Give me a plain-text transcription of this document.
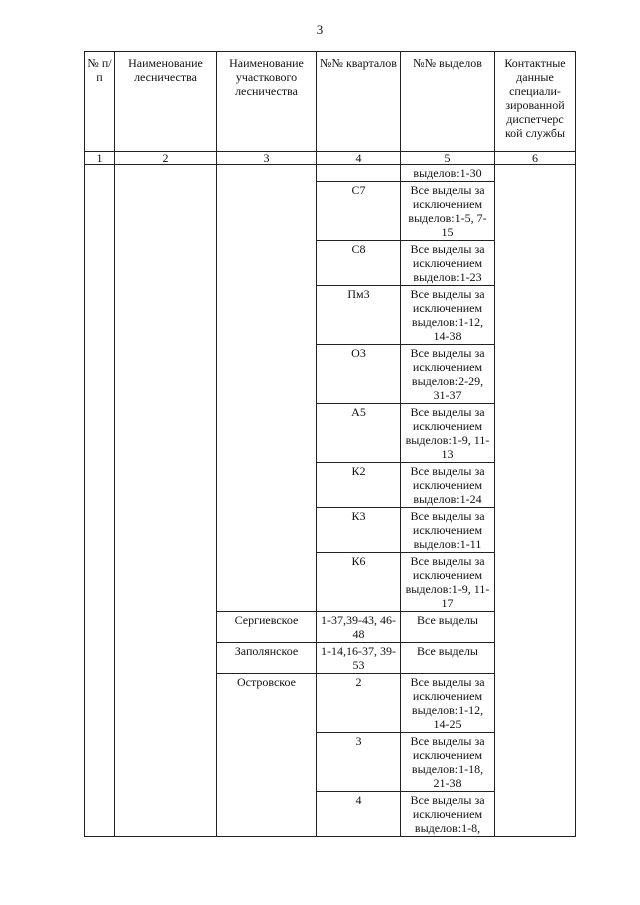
3
№ п/п	Наименование лесничества	Наименование участкового лесничества	№№ кварталов	№№ выделов	Контактные данные специали- зированной диспетчерс кой службы
1	2	3	4	5	6
				выделов:1-30	
			С7	Все выделы за исключением выделов:1-5, 7-15	
			С8	Все выделы за исключением выделов:1-23	
			Пм3	Все выделы за исключением выделов:1-12, 14-38	
			О3	Все выделы за исключением выделов:2-29, 31-37	
			А5	Все выделы за исключением выделов:1-9, 11-13	
			К2	Все выделы за исключением выделов:1-24	
			К3	Все выделы за исключением выделов:1-11	
			К6	Все выделы за исключением выделов:1-9, 11-17	
		Сергиевское	1-37,39-43, 46-48	Все выделы	
		Заполянское	1-14,16-37, 39-53	Все выделы	
		Островское	2	Все выделы за исключением выделов:1-12, 14-25	
			3	Все выделы за исключением выделов:1-18, 21-38	
			4	Все выделы за исключением выделов:1-8,	
